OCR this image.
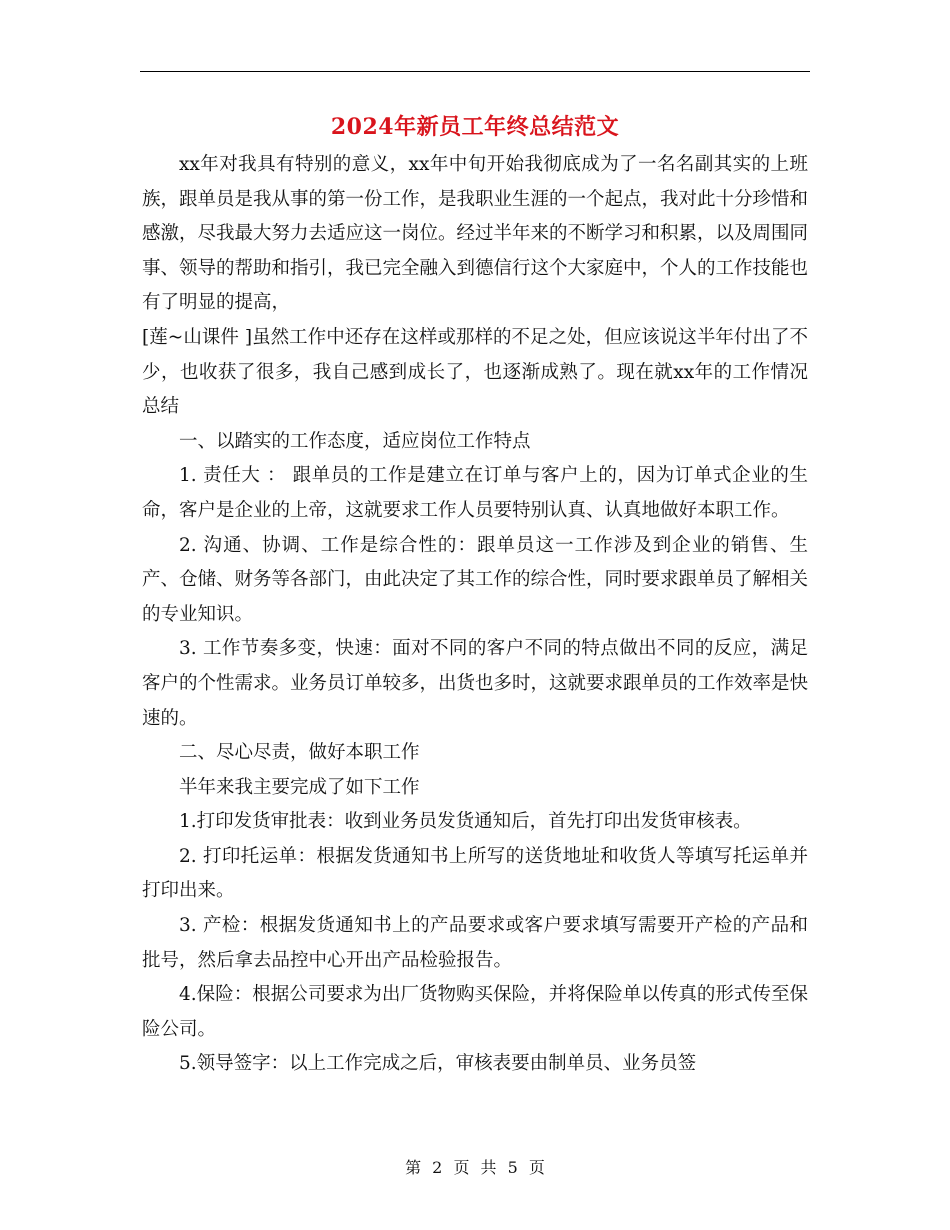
2024年新员工年终总结范文

xx年对我具有特别的意义，xx年中旬开始我彻底成为了一名名副其实的上班族，跟单员是我从事的第一份工作，是我职业生涯的一个起点，我对此十分珍惜和感激，尽我最大努力去适应这一岗位。经过半年来的不断学习和积累，以及周围同事、领导的帮助和指引，我已完全融入到德信行这个大家庭中，个人的工作技能也有了明显的提高，

[莲~山课件 ]虽然工作中还存在这样或那样的不足之处，但应该说这半年付出了不少，也收获了很多，我自己感到成长了，也逐渐成熟了。现在就xx年的工作情况总结

一、以踏实的工作态度，适应岗位工作特点

1. 责任大 ： 跟单员的工作是建立在订单与客户上的，因为订单式企业的生命，客户是企业的上帝，这就要求工作人员要特别认真、认真地做好本职工作。

2. 沟通、协调、工作是综合性的：跟单员这一工作涉及到企业的销售、生产、仓储、财务等各部门，由此决定了其工作的综合性，同时要求跟单员了解相关的专业知识。

3. 工作节奏多变，快速：面对不同的客户不同的特点做出不同的反应，满足客户的个性需求。业务员订单较多，出货也多时，这就要求跟单员的工作效率是快速的。

二、尽心尽责，做好本职工作

半年来我主要完成了如下工作

1.打印发货审批表：收到业务员发货通知后，首先打印出发货审核表。

2. 打印托运单：根据发货通知书上所写的送货地址和收货人等填写托运单并打印出来。

3. 产检：根据发货通知书上的产品要求或客户要求填写需要开产检的产品和批号，然后拿去品控中心开出产品检验报告。

4.保险：根据公司要求为出厂货物购买保险，并将保险单以传真的形式传至保险公司。

5.领导签字：以上工作完成之后，审核表要由制单员、业务员签

第 2 页 共 5 页
